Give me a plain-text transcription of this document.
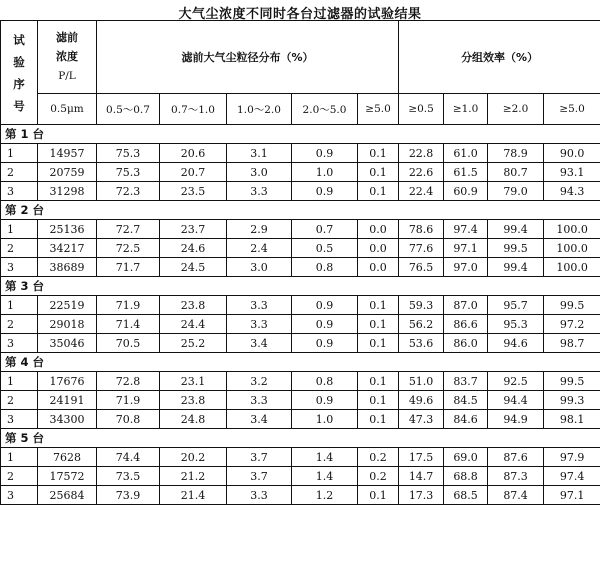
大气尘浓度不同时各台过滤器的试验结果
试
验
序
号	滤前
浓度
P/L	滤前大气尘粒径分布（%）					分组效率（%）			
	0.5μm	0.5～0.7	0.7～1.0	1.0～2.0	2.0～5.0	≥5.0	≥0.5	≥1.0	≥2.0	≥5.0
第 1 台										
1	14957	75.3	20.6	3.1	0.9	0.1	22.8	61.0	78.9	90.0
2	20759	75.3	20.7	3.0	1.0	0.1	22.6	61.5	80.7	93.1
3	31298	72.3	23.5	3.3	0.9	0.1	22.4	60.9	79.0	94.3
第 2 台										
1	25136	72.7	23.7	2.9	0.7	0.0	78.6	97.4	99.4	100.0
2	34217	72.5	24.6	2.4	0.5	0.0	77.6	97.1	99.5	100.0
3	38689	71.7	24.5	3.0	0.8	0.0	76.5	97.0	99.4	100.0
第 3 台										
1	22519	71.9	23.8	3.3	0.9	0.1	59.3	87.0	95.7	99.5
2	29018	71.4	24.4	3.3	0.9	0.1	56.2	86.6	95.3	97.2
3	35046	70.5	25.2	3.4	0.9	0.1	53.6	86.0	94.6	98.7
第 4 台										
1	17676	72.8	23.1	3.2	0.8	0.1	51.0	83.7	92.5	99.5
2	24191	71.9	23.8	3.3	0.9	0.1	49.6	84.5	94.4	99.3
3	34300	70.8	24.8	3.4	1.0	0.1	47.3	84.6	94.9	98.1
第 5 台										
1	7628	74.4	20.2	3.7	1.4	0.2	17.5	69.0	87.6	97.9
2	17572	73.5	21.2	3.7	1.4	0.2	14.7	68.8	87.3	97.4
3	25684	73.9	21.4	3.3	1.2	0.1	17.3	68.5	87.4	97.1
